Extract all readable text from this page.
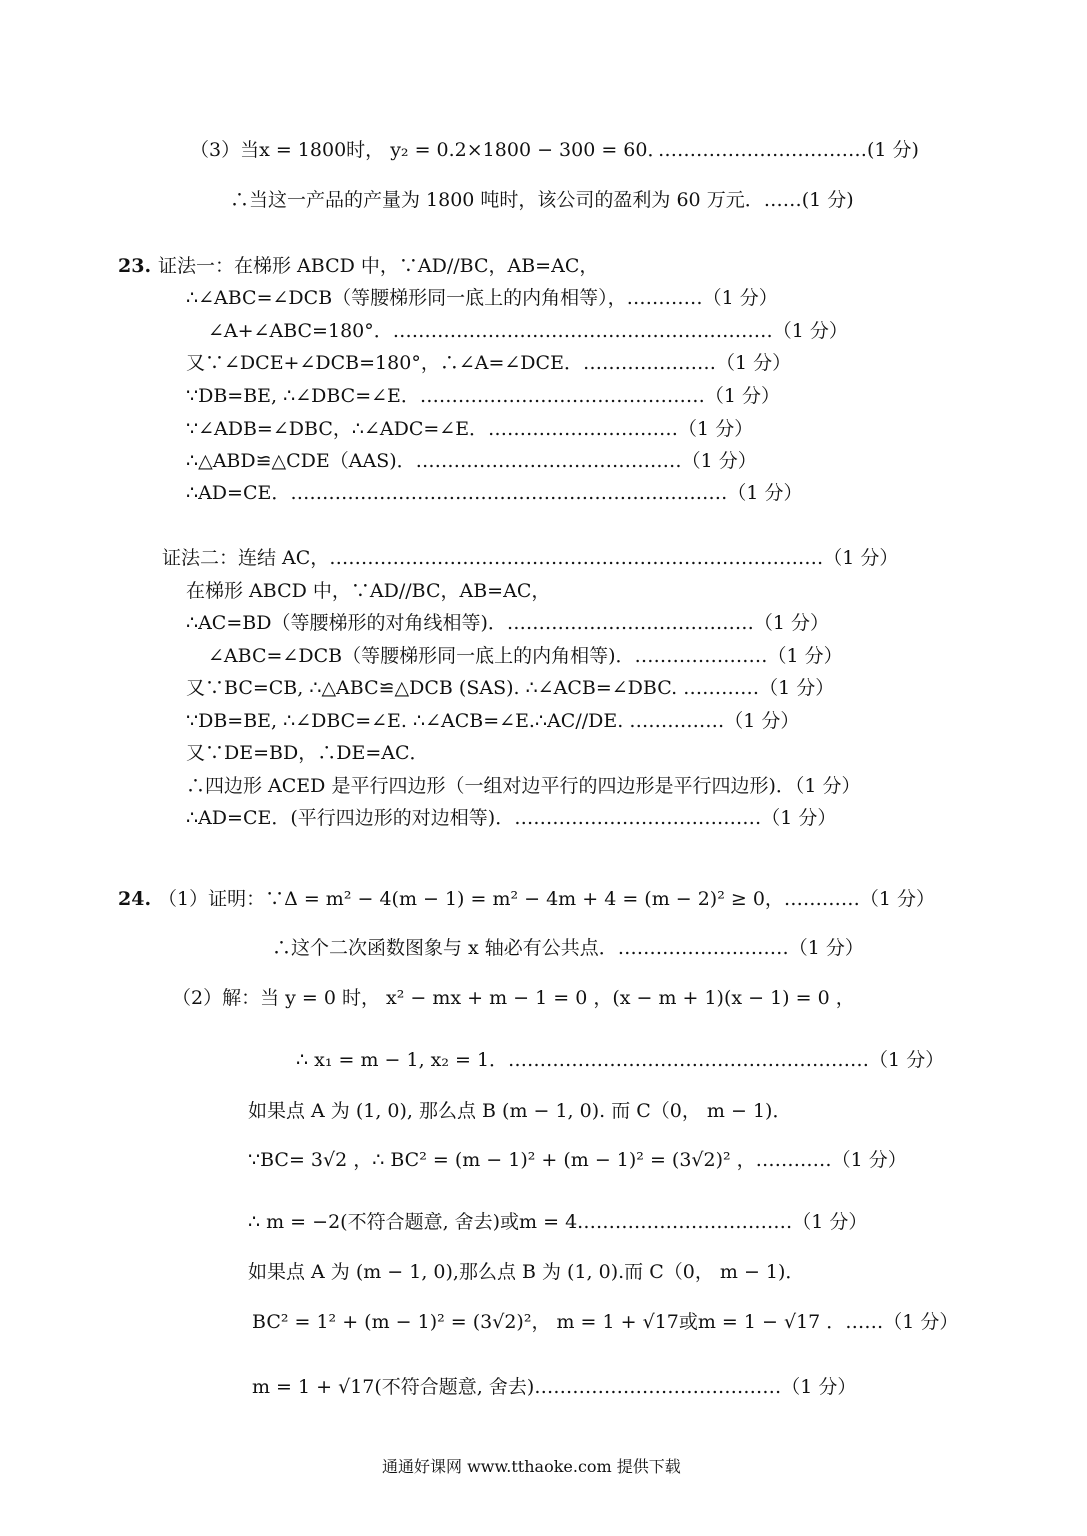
（3）当x = 1800时， y₂ = 0.2×1800 − 300 = 60．
……………………………(1 分)
∴当这一产品的产量为 1800 吨时，该公司的盈利为 60 万元．……(1 分)
23. 证法一：在梯形 ABCD 中，∵AD//BC，AB=AC，
∴∠ABC=∠DCB（等腰梯形同一底上的内角相等），…………（1 分）
∠A+∠ABC=180°．……………………………………………………（1 分）
又∵∠DCE+∠DCB=180°，∴∠A=∠DCE．…………………（1 分）
∵DB=BE, ∴∠DBC=∠E．………………………………………（1 分）
∵∠ADB=∠DBC，∴∠ADC=∠E．…………………………（1 分）
∴△ABD≌△CDE（AAS)．……………………………………（1 分）
∴AD=CE．……………………………………………………………（1 分）
证法二：连结 AC，……………………………………………………………………（1 分）
在梯形 ABCD 中，∵AD//BC，AB=AC，
∴AC=BD（等腰梯形的对角线相等)．…………………………………（1 分）
∠ABC=∠DCB（等腰梯形同一底上的内角相等)．…………………（1 分）
又∵BC=CB, ∴△ABC≌△DCB (SAS). ∴∠ACB=∠DBC. …………（1 分）
∵DB=BE, ∴∠DBC=∠E. ∴∠ACB=∠E.∴AC//DE. ……………（1 分）
又∵DE=BD，∴DE=AC．
∴四边形 ACED 是平行四边形（一组对边平行的四边形是平行四边形)．（1 分）
∴AD=CE．(平行四边形的对边相等)．…………………………………（1 分）
24. （1）证明：∵Δ = m² − 4(m − 1) = m² − 4m + 4 = (m − 2)² ≥ 0，…………（1 分）
∴这个二次函数图象与 x 轴必有公共点．………………………（1 分）
（2）解：当 y = 0 时， x² − mx + m − 1 = 0 ，(x − m + 1)(x − 1) = 0 ，
∴ x₁ = m − 1, x₂ = 1．…………………………………………………（1 分）
如果点 A 为 (1, 0), 那么点 B (m − 1, 0). 而 C（0， m − 1)．
∵BC= 3√2 ，∴ BC² = (m − 1)² + (m − 1)² = (3√2)² ，…………（1 分）
∴ m = −2(不符合题意, 舍去)或m = 4.……………………………（1 分）
如果点 A 为 (m − 1, 0),那么点 B 为 (1, 0).而 C（0， m − 1)．
BC² = 1² + (m − 1)² = (3√2)²， m = 1 + √17或m = 1 − √17 ．……（1 分）
m = 1 + √17(不符合题意, 舍去)…………………………………（1 分）
通通好课网 www.tthaoke.com 提供下载
